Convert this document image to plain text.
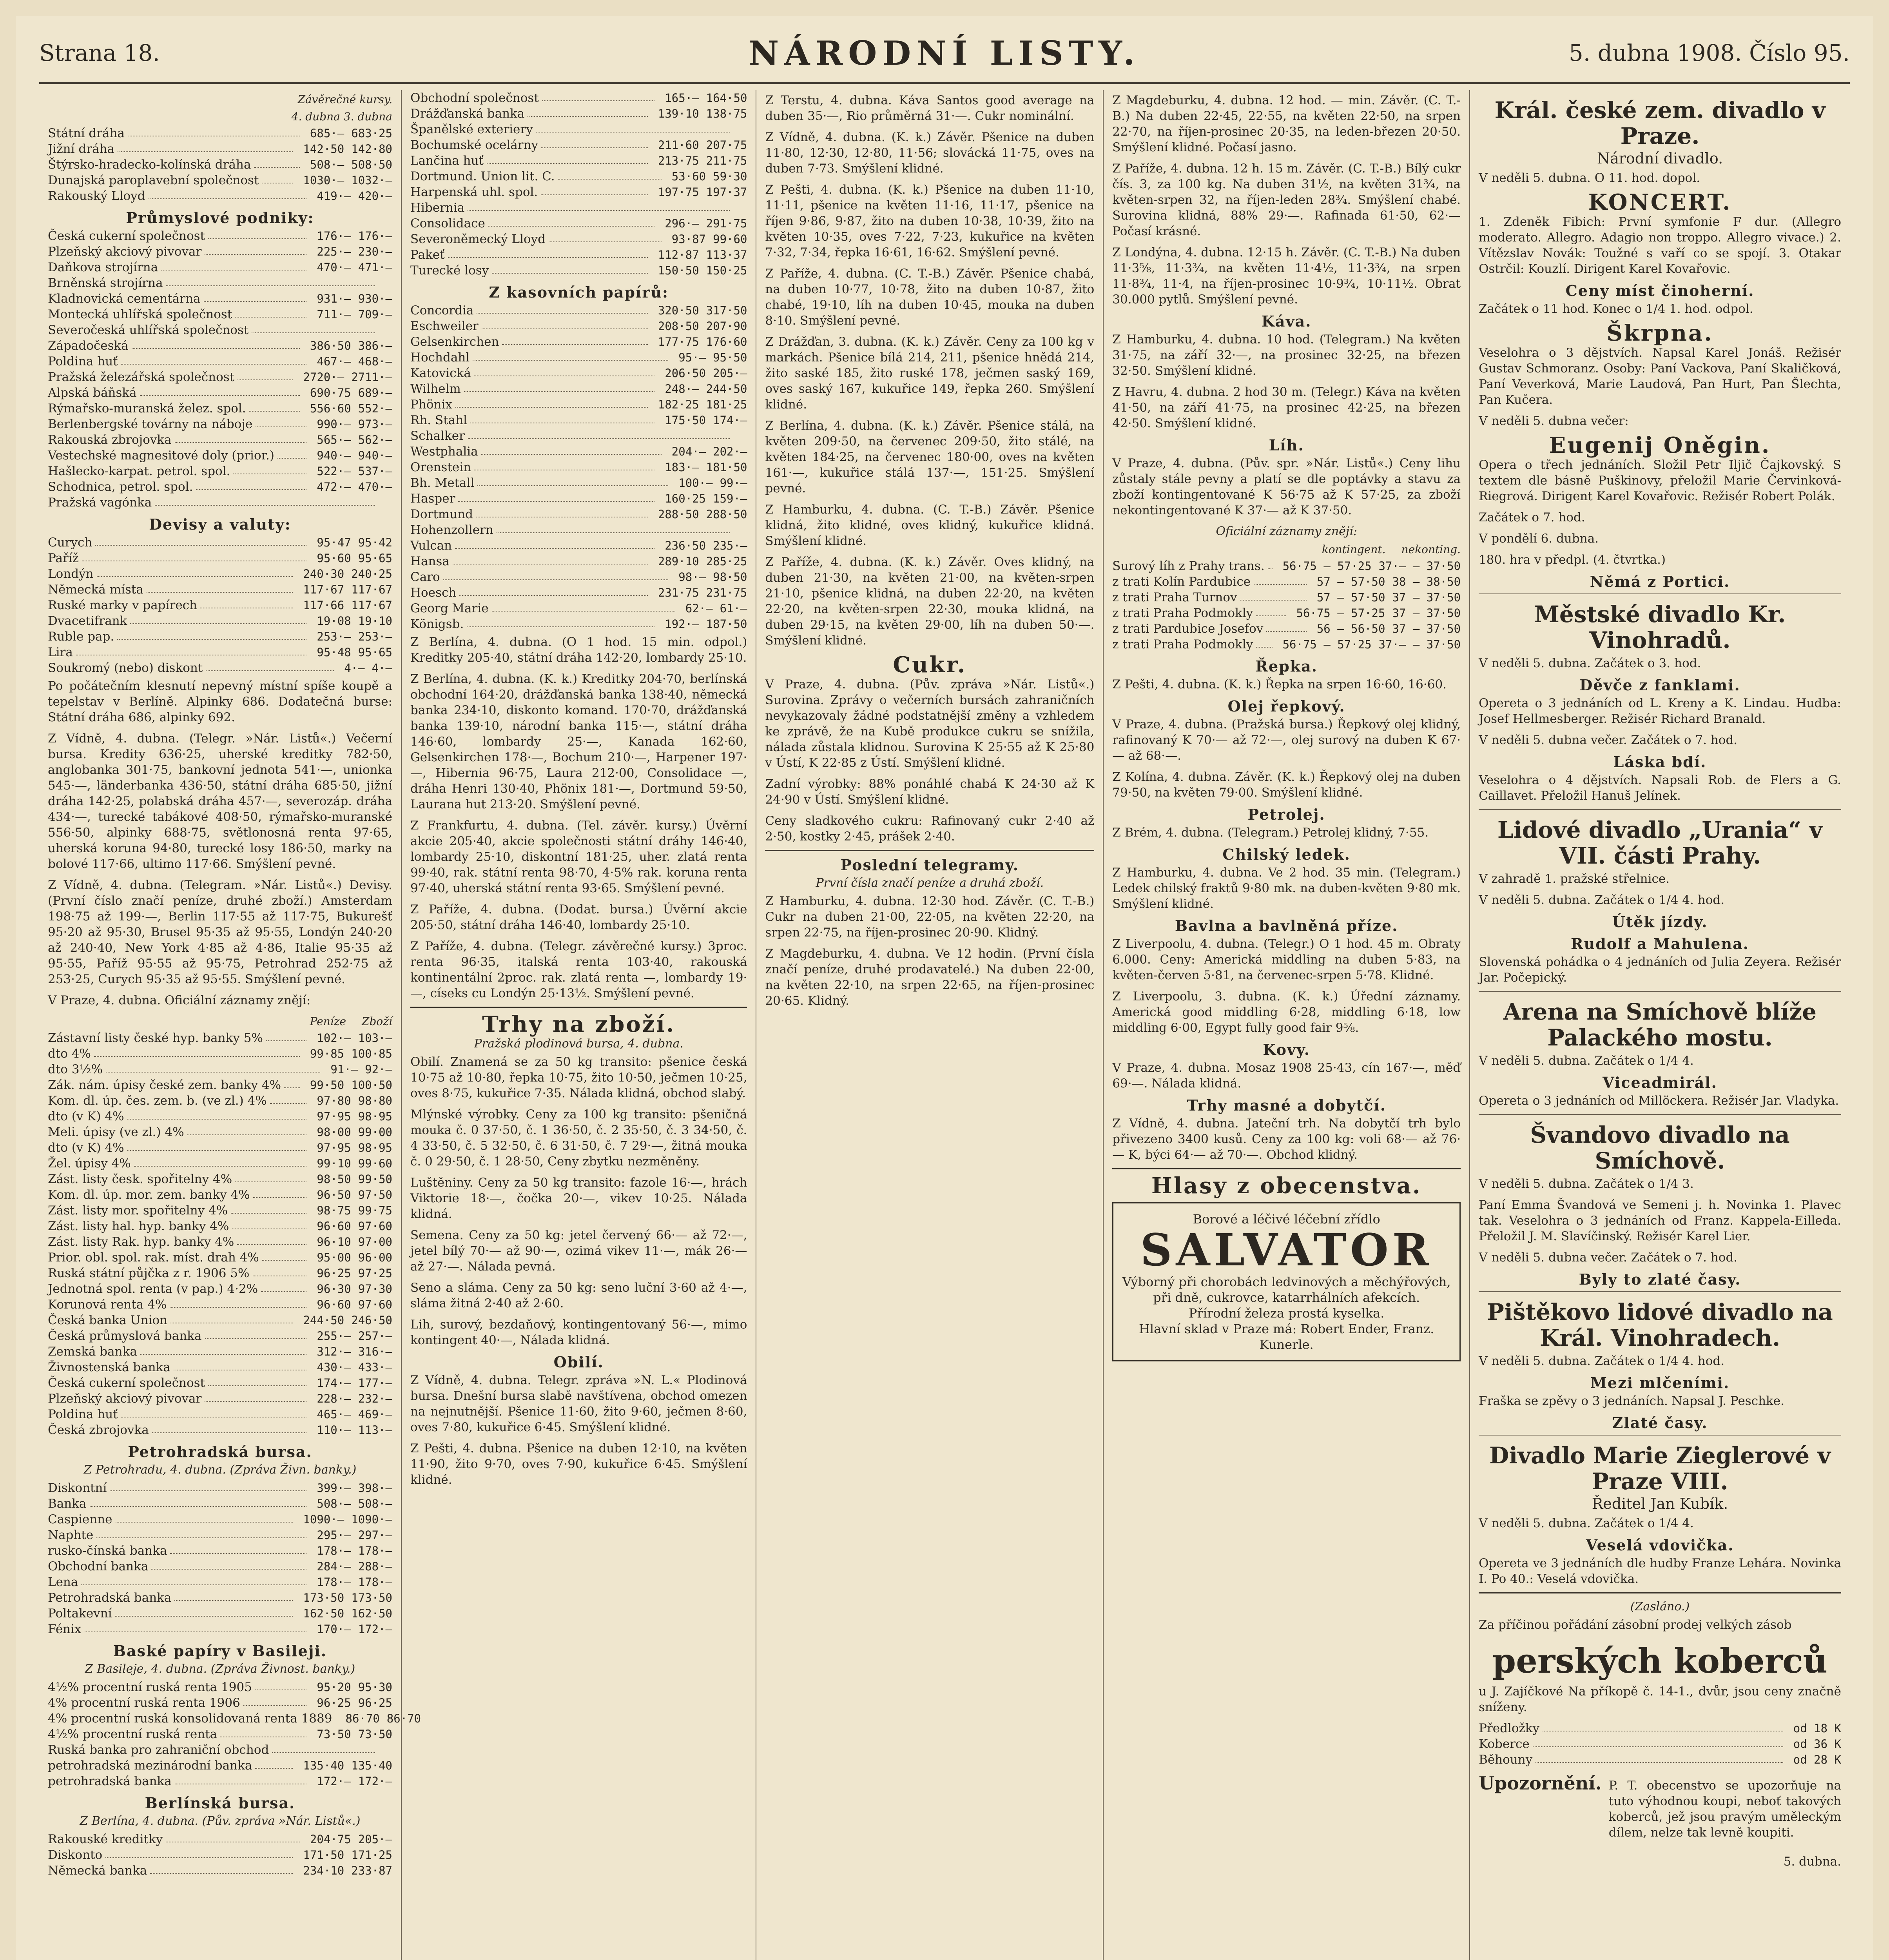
Strana 18.	NÁRODNÍ LISTY.	5. dubna 1908. Číslo 95.
Závěrečné kursy.
4. dubna 3. dubna
Státní dráha	685·— 683·25
Jižní dráha	142·50 142·80
Štýrsko-hradecko-kolínská dráha	508·— 508·50
Dunajská paroplavební společnost	1030·— 1032·—
Rakouský Lloyd	419·— 420·—
Průmyslové podniky:
Česká cukerní společnost	176·— 176·—
Plzeňský akciový pivovar	225·— 230·—
Daňkova strojírna	470·— 471·—
Brněnská strojírna
Kladnovická cementárna	931·— 930·—
Montecká uhlířská společnost	711·— 709·—
Severočeská uhlířská společnost
Západočeská	386·50 386·—
Poldina huť	467·— 468·—
Pražská železářská společnost	2720·— 2711·—
Alpská báňská	690·75 689·—
Rýmařsko-muranská želez. spol.	556·60 552·—
Berlenbergské továrny na náboje	990·— 973·—
Rakouská zbrojovka	565·— 562·—
Vestechské magnesitové doly (prior.)	940·— 940·—
Hašlecko-karpat. petrol. spol.	522·— 537·—
Schodnica, petrol. spol.	472·— 470·—
Pražská vagónka
Devisy a valuty:
Curych	95·47 95·42
Paříž	95·60 95·65
Londýn	240·30 240·25
Německá místa	117·67 117·67
Ruské marky v papírech	117·66 117·67
Dvacetifrank	19·08 19·10
Ruble pap.	253·— 253·—
Lira	95·48 95·65
Soukromý (nebo) diskont	4·— 4·—
Po počátečním klesnutí nepevný místní spíše koupě a tepelstav v Berlíně. Alpinky 686. Dodatečná burse: Státní dráha 686, alpinky 692.
Z Vídně, 4. dubna. (Telegr. »Nár. Listů«.) Večerní bursa. Kredity 636·25, uherské kreditky 782·50, anglobanka 301·75, bankovní jednota 541·—, unionka 545·—, länderbanka 436·50, státní dráha 685·50, jižní dráha 142·25, polabská dráha 457·—, severozáp. dráha 434·—, turecké tabákové 408·50, rýmařsko-muranské 556·50, alpinky 688·75, světlonosná renta 97·65, uherská koruna 94·80, turecké losy 186·50, marky na bolové 117·66, ultimo 117·66. Smýšlení pevné.
Z Vídně, 4. dubna. (Telegram. »Nár. Listů«.) Devisy. (První číslo značí peníze, druhé zboží.) Amsterdam 198·75 až 199·—, Berlin 117·55 až 117·75, Bukurešť 95·20 až 95·30, Brusel 95·35 až 95·55, Londýn 240·20 až 240·40, New York 4·85 až 4·86, Italie 95·35 až 95·55, Paříž 95·55 až 95·75, Petrohrad 252·75 až 253·25, Curych 95·35 až 95·55. Smýšlení pevné.
V Praze, 4. dubna. Oficiální záznamy znějí:
Peníze Zboží
Zástavní listy české hyp. banky 5%	102·— 103·—
dto 4%	99·85 100·85
dto 3½%	91·— 92·—
Zák. nám. úpisy české zem. banky 4%	99·50 100·50
Kom. dl. úp. čes. zem. b. (ve zl.) 4%	97·80 98·80
dto (v K) 4%	97·95 98·95
Meli. úpisy (ve zl.) 4%	98·00 99·00
dto (v K) 4%	97·95 98·95
Žel. úpisy 4%	99·10 99·60
Zást. listy česk. spořitelny 4%	98·50 99·50
Kom. dl. úp. mor. zem. banky 4%	96·50 97·50
Zást. listy mor. spořitelny 4%	98·75 99·75
Zást. listy hal. hyp. banky 4%	96·60 97·60
Zást. listy Rak. hyp. banky 4%	96·10 97·00
Prior. obl. spol. rak. míst. drah 4%	95·00 96·00
Ruská státní půjčka z r. 1906 5%	96·25 97·25
Jednotná spol. renta (v pap.) 4·2%	96·30 97·30
Korunová renta 4%	96·60 97·60
Česká banka Union	244·50 246·50
Česká průmyslová banka	255·— 257·—
Zemská banka	312·— 316·—
Živnostenská banka	430·— 433·—
Česká cukerní společnost	174·— 177·—
Plzeňský akciový pivovar	228·— 232·—
Poldina huť	465·— 469·—
Česká zbrojovka	110·— 113·—
Petrohradská bursa.
Z Petrohradu, 4. dubna. (Zpráva Živn. banky.)
Diskontní	399·— 398·—
Banka	508·— 508·—
Caspienne	1090·— 1090·—
Naphte	295·— 297·—
rusko-čínská banka	178·— 178·—
Obchodní banka	284·— 288·—
Lena	178·— 178·—
Petrohradská banka	173·50 173·50
Poltakevní	162·50 162·50
Fénix	170·— 172·—
Baské papíry v Basileji.
Z Basileje, 4. dubna. (Zpráva Živnost. banky.)
4½% procentní ruská renta 1905	95·20 95·30
4% procentní ruská renta 1906	96·25 96·25
4% procentní ruská konsolidovaná renta 1889 86·70 86·70
4½% procentní ruská renta	73·50 73·50
Ruská banka pro zahraniční obchod
petrohradská mezinárodní banka	135·40 135·40
petrohradská banka	172·— 172·—
Berlínská bursa.
Z Berlína, 4. dubna. (Pův. zpráva »Nár. Listů«.)
Rakouské kreditky	204·75 205·—
Diskonto	171·50 171·25
Německá banka	234·10 233·87
Obchodní společnost	165·— 164·50
Drážďanská banka	139·10 138·75
Španělské exteriery
Bochumské ocelárny	211·60 207·75
Lančina huť	213·75 211·75
Dortmund. Union lit. C.	53·60 59·30
Harpenská uhl. spol.	197·75 197·37
Hibernia
Consolidace	296·— 291·75
Severoněmecký Lloyd	93·87 99·60
Pakeť	112·87 113·37
Turecké losy	150·50 150·25
Z kasovních papírů:
Concordia	320·50 317·50
Eschweiler	208·50 207·90
Gelsenkirchen	177·75 176·60
Hochdahl	95·— 95·50
Katovická	206·50 205·—
Wilhelm	248·— 244·50
Phönix	182·25 181·25
Rh. Stahl	175·50 174·—
Schalker
Westphalia	204·— 202·—
Orenstein	183·— 181·50
Bh. Metall	100·— 99·—
Hasper	160·25 159·—
Dortmund	288·50 288·50
Hohenzollern
Vulcan	236·50 235·—
Hansa	289·10 285·25
Caro	98·— 98·50
Hoesch	231·75 231·75
Georg Marie	62·— 61·—
Königsb.	192·— 187·50
Z Berlína, 4. dubna. (O 1 hod. 15 min. odpol.) Kreditky 205·40, státní dráha 142·20, lombardy 25·10.
Z Berlína, 4. dubna. (K. k.) Kreditky 204·70, berlínská obchodní 164·20, drážďanská banka 138·40, německá banka 234·10, diskonto komand. 170·70, drážďanská banka 139·10, národní banka 115·—, státní dráha 146·60, lombardy 25·—, Kanada 162·60, Gelsenkirchen 178·—, Bochum 210·—, Harpener 197·—, Hibernia 96·75, Laura 212·00, Consolidace —, dráha Henri 130·40, Phönix 181·—, Dortmund 59·50, Laurana hut 213·20. Smýšlení pevné.
Z Frankfurtu, 4. dubna. (Tel. závěr. kursy.) Úvěrní akcie 205·40, akcie společnosti státní dráhy 146·40, lombardy 25·10, diskontní 181·25, uher. zlatá renta 99·40, rak. státní renta 98·70, 4·5% rak. koruna renta 97·40, uherská státní renta 93·65. Smýšlení pevné.
Z Paříže, 4. dubna. (Dodat. bursa.) Úvěrní akcie 205·50, státní dráha 146·40, lombardy 25·10.
Z Paříže, 4. dubna. (Telegr. závěrečné kursy.) 3proc. renta 96·35, italská renta 103·40, rakouská kontinentální 2proc. rak. zlatá renta —, lombardy 19·—, císeks cu Londýn 25·13½. Smýšlení pevné.
Trhy na zboží.
Pražská plodinová bursa, 4. dubna.
Obilí. Znamená se za 50 kg transito: pšenice česká 10·75 až 10·80, řepka 10·75, žito 10·50, ječmen 10·25, oves 8·75, kukuřice 7·35. Nálada klidná, obchod slabý.
Mlýnské výrobky. Ceny za 100 kg transito: pšeničná mouka č. 0 37·50, č. 1 36·50, č. 2 35·50, č. 3 34·50, č. 4 33·50, č. 5 32·50, č. 6 31·50, č. 7 29·—, žitná mouka č. 0 29·50, č. 1 28·50, Ceny zbytku nezměněny.
Luštěniny. Ceny za 50 kg transito: fazole 16·—, hrách Viktorie 18·—, čočka 20·—, vikev 10·25. Nálada klidná.
Semena. Ceny za 50 kg: jetel červený 66·— až 72·—, jetel bílý 70·— až 90·—, ozimá vikev 11·—, mák 26·— až 27·—. Nálada pevná.
Seno a sláma. Ceny za 50 kg: seno luční 3·60 až 4·—, sláma žitná 2·40 až 2·60.
Lih, surový, bezdaňový, kontingentovaný 56·—, mimo kontingent 40·—, Nálada klidná.
Obilí.
Z Vídně, 4. dubna. Telegr. zpráva »N. L.« Plodinová bursa. Dnešní bursa slabě navštívena, obchod omezen na nejnutnější. Pšenice 11·60, žito 9·60, ječmen 8·60, oves 7·80, kukuřice 6·45. Smýšlení klidné.
Z Pešti, 4. dubna. Pšenice na duben 12·10, na květen 11·90, žito 9·70, oves 7·90, kukuřice 6·45. Smýšlení klidné.
Z Terstu, 4. dubna. Káva Santos good average na duben 35·—, Rio průměrná 31·—. Cukr nominální.
Z Vídně, 4. dubna. (K. k.) Závěr. Pšenice na duben 11·80, 12·30, 12·80, 11·56; slovácká 11·75, oves na duben 7·73. Smýšlení klidné.
Z Pešti, 4. dubna. (K. k.) Pšenice na duben 11·10, 11·11, pšenice na květen 11·16, 11·17, pšenice na říjen 9·86, 9·87, žito na duben 10·38, 10·39, žito na květen 10·35, oves 7·22, 7·23, kukuřice na květen 7·32, 7·34, řepka 16·61, 16·62. Smýšlení pevné.
Z Paříže, 4. dubna. (C. T.-B.) Závěr. Pšenice chabá, na duben 10·77, 10·78, žito na duben 10·87, žito chabé, 19·10, líh na duben 10·45, mouka na duben 8·10. Smýšlení pevné.
Z Drážďan, 3. dubna. (K. k.) Závěr. Ceny za 100 kg v markách. Pšenice bílá 214, 211, pšenice hnědá 214, žito saské 185, žito ruské 178, ječmen saský 169, oves saský 167, kukuřice 149, řepka 260. Smýšlení klidné.
Z Berlína, 4. dubna. (K. k.) Závěr. Pšenice stálá, na květen 209·50, na červenec 209·50, žito stálé, na květen 184·25, na červenec 180·00, oves na květen 161·—, kukuřice stálá 137·—, 151·25. Smýšlení pevné.
Z Hamburku, 4. dubna. (C. T.-B.) Závěr. Pšenice klidná, žito klidné, oves klidný, kukuřice klidná. Smýšlení klidné.
Z Paříže, 4. dubna. (K. k.) Závěr. Oves klidný, na duben 21·30, na květen 21·00, na květen-srpen 21·10, pšenice klidná, na duben 22·20, na květen 22·20, na květen-srpen 22·30, mouka klidná, na duben 29·15, na květen 29·00, líh na duben 50·—. Smýšlení klidné.
Cukr.
V Praze, 4. dubna. (Pův. zpráva »Nár. Listů«.) Surovina. Zprávy o večerních bursách zahraničních nevykazovaly žádné podstatnější změny a vzhledem ke zprávě, že na Kubě produkce cukru se snížila, nálada zůstala klidnou. Surovina K 25·55 až K 25·80 v Ústí, K 22·85 z Ústí. Smýšlení klidné.
Zadní výrobky: 88% ponáhlé chabá K 24·30 až K 24·90 v Ústí. Smýšlení klidné.
Ceny sladkového cukru: Rafinovaný cukr 2·40 až 2·50, kostky 2·45, prášek 2·40.
Poslední telegramy.
První čísla značí peníze a druhá zboží.
Z Hamburku, 4. dubna. 12·30 hod. Závěr. (C. T.-B.) Cukr na duben 21·00, 22·05, na květen 22·20, na srpen 22·75, na říjen-prosinec 20·90. Klidný.
Z Magdeburku, 4. dubna. Ve 12 hodin. (První čísla značí peníze, druhé prodavatelé.) Na duben 22·00, na květen 22·10, na srpen 22·65, na říjen-prosinec 20·65. Klidný.
Z Magdeburku, 4. dubna. 12 hod. — min. Závěr. (C. T.-B.) Na duben 22·45, 22·55, na květen 22·50, na srpen 22·70, na říjen-prosinec 20·35, na leden-březen 20·50. Smýšlení klidné. Počasí jasno.
Z Paříže, 4. dubna. 12 h. 15 m. Závěr. (C. T.-B.) Bílý cukr čís. 3, za 100 kg. Na duben 31½, na květen 31¾, na květen-srpen 32, na říjen-leden 28¾. Smýšlení chabé. Surovina klidná, 88% 29·—. Rafinada 61·50, 62·— Počasí krásné.
Z Londýna, 4. dubna. 12·15 h. Závěr. (C. T.-B.) Na duben 11·3⅝, 11·3¾, na květen 11·4½, 11·3¾, na srpen 11·8¾, 11·4, na říjen-prosinec 10·9¾, 10·11½. Obrat 30.000 pytlů. Smýšlení pevné.
Káva.
Z Hamburku, 4. dubna. 10 hod. (Telegram.) Na květen 31·75, na září 32·—, na prosinec 32·25, na březen 32·50. Smýšlení klidné.
Z Havru, 4. dubna. 2 hod 30 m. (Telegr.) Káva na květen 41·50, na září 41·75, na prosinec 42·25, na březen 42·50. Smýšlení klidné.
Líh.
V Praze, 4. dubna. (Pův. spr. »Nár. Listů«.) Ceny lihu zůstaly stále pevny a platí se dle poptávky a stavu za zboží kontingentované K 56·75 až K 57·25, za zboží nekontingentované K 37·— až K 37·50.
Oficiální záznamy znějí:
kontingent. nekonting.
Surový líh z Prahy trans. 56·75 — 57·25 37·— — 37·50
z trati Kolín Pardubice	57 — 57·50 38 — 38·50
z trati Praha Turnov	57 — 57·50 37 — 37·50
z trati Praha Podmokly	56·75 — 57·25 37 — 37·50
z trati Pardubice Josefov	56 — 56·50 37 — 37·50
z trati Praha Podmokly	56·75 — 57·25 37·— — 37·50
Řepka.
Z Pešti, 4. dubna. (K. k.) Řepka na srpen 16·60, 16·60.
Olej řepkový.
V Praze, 4. dubna. (Pražská bursa.) Řepkový olej klidný, rafinovaný K 70·— až 72·—, olej surový na duben K 67·— až 68·—.
Z Kolína, 4. dubna. Závěr. (K. k.) Řepkový olej na duben 79·50, na květen 79·00. Smýšlení klidné.
Petrolej.
Z Brém, 4. dubna. (Telegram.) Petrolej klidný, 7·55.
Chilský ledek.
Z Hamburku, 4. dubna. Ve 2 hod. 35 min. (Telegram.) Ledek chilský fraktů 9·80 mk. na duben-květen 9·80 mk. Smýšlení klidné.
Bavlna a bavlněná příze.
Z Liverpoolu, 4. dubna. (Telegr.) O 1 hod. 45 m. Obraty 6.000. Ceny: Americká middling na duben 5·83, na květen-červen 5·81, na červenec-srpen 5·78. Klidné.
Z Liverpoolu, 3. dubna. (K. k.) Úřední záznamy. Americká good middling 6·28, middling 6·18, low middling 6·00, Egypt fully good fair 9⅝.
Kovy.
V Praze, 4. dubna. Mosaz 1908 25·43, cín 167·—, měď 69·—. Nálada klidná.
Trhy masné a dobytčí.
Z Vídně, 4. dubna. Jateční trh. Na dobytčí trh bylo přivezeno 3400 kusů. Ceny za 100 kg: voli 68·— až 76·— K, býci 64·— až 70·—. Obchod klidný.
Hlasy z obecenstva.
Borové a léčivé léčební zřídlo
SALVATOR
Výborný při chorobách ledvinových a měchýřových, při dně, cukrovce, katarrhálních afekcích.
Přírodní železa prostá kyselka.
Hlavní sklad v Praze má: Robert Ender, Franz. Kunerle.
Král. české zem. divadlo v Praze.
Národní divadlo.
V neděli 5. dubna. O 11. hod. dopol.
KONCERT.
1. Zdeněk Fibich: První symfonie F dur. (Allegro moderato. Allegro. Adagio non troppo. Allegro vivace.) 2. Vítězslav Novák: Toužné s vaří co se spojí. 3. Otakar Ostrčil: Kouzlí. Dirigent Karel Kovařovic.
Ceny míst činoherní.
Začátek o 11 hod. Konec o 1/4 1. hod. odpol.
Škrpna.
Veselohra o 3 dějstvích. Napsal Karel Jonáš. Režisér Gustav Schmoranz. Osoby: Paní Vackova, Paní Skaličková, Paní Veverková, Marie Laudová, Pan Hurt, Pan Šlechta, Pan Kučera.
V neděli 5. dubna večer:
Eugenij Oněgin.
Opera o třech jednáních. Složil Petr Iljič Čajkovský. S textem dle básně Puškinovy, přeložil Marie Červinková-Riegrová. Dirigent Karel Kovařovic. Režisér Robert Polák.
Začátek o 7. hod.
V pondělí 6. dubna.
180. hra v předpl. (4. čtvrtka.)
Němá z Portici.
Městské divadlo Kr. Vinohradů.
V neděli 5. dubna. Začátek o 3. hod.
Děvče z fanklami.
Opereta o 3 jednáních od L. Kreny a K. Lindau. Hudba: Josef Hellmesberger. Režisér Richard Branald.
V neděli 5. dubna večer. Začátek o 7. hod.
Láska bdí.
Veselohra o 4 dějstvích. Napsali Rob. de Flers a G. Caillavet. Přeložil Hanuš Jelínek.
Lidové divadlo „Urania“ v VII. části Prahy.
V zahradě 1. pražské střelnice.
V neděli 5. dubna. Začátek o 1/4 4. hod.
Útěk jízdy.
Rudolf a Mahulena.
Slovenská pohádka o 4 jednáních od Julia Zeyera. Režisér Jar. Počepický.
Arena na Smíchově blíže Palackého mostu.
V neděli 5. dubna. Začátek o 1/4 4.
Viceadmirál.
Opereta o 3 jednáních od Millöckera. Režisér Jar. Vladyka.
Švandovo divadlo na Smíchově.
V neděli 5. dubna. Začátek o 1/4 3.
Paní Emma Švandová ve Semeni j. h. Novinka 1. Plavec tak. Veselohra o 3 jednáních od Franz. Kappela-Eilleda. Přeložil J. M. Slavíčinský. Režisér Karel Lier.
V neděli 5. dubna večer. Začátek o 7. hod.
Byly to zlaté časy.
Pištěkovo lidové divadlo na Král. Vinohradech.
V neděli 5. dubna. Začátek o 1/4 4. hod.
Mezi mlčeními.
Fraška se zpěvy o 3 jednáních. Napsal J. Peschke.
Zlaté časy.
Divadlo Marie Zieglerové v Praze VIII.
Ředitel Jan Kubík.
V neděli 5. dubna. Začátek o 1/4 4.
Veselá vdovička.
Opereta ve 3 jednáních dle hudby Franze Lehára. Novinka I. Po 40.: Veselá vdovička.
(Zasláno.)
Za příčinou pořádání zásobní prodej velkých zásob
perských koberců
u J. Zajíčkové Na příkopě č. 14-1., dvůr, jsou ceny značně sníženy.
Předložky	od 18 K
Koberce	od 36 K
Běhouny	od 28 K
Upozornění. P. T. obecenstvo se upozorňuje na tuto výhodnou koupi, neboť takových koberců, jež jsou pravým uměleckým dílem, nelze tak levně koupiti.
5. dubna.
